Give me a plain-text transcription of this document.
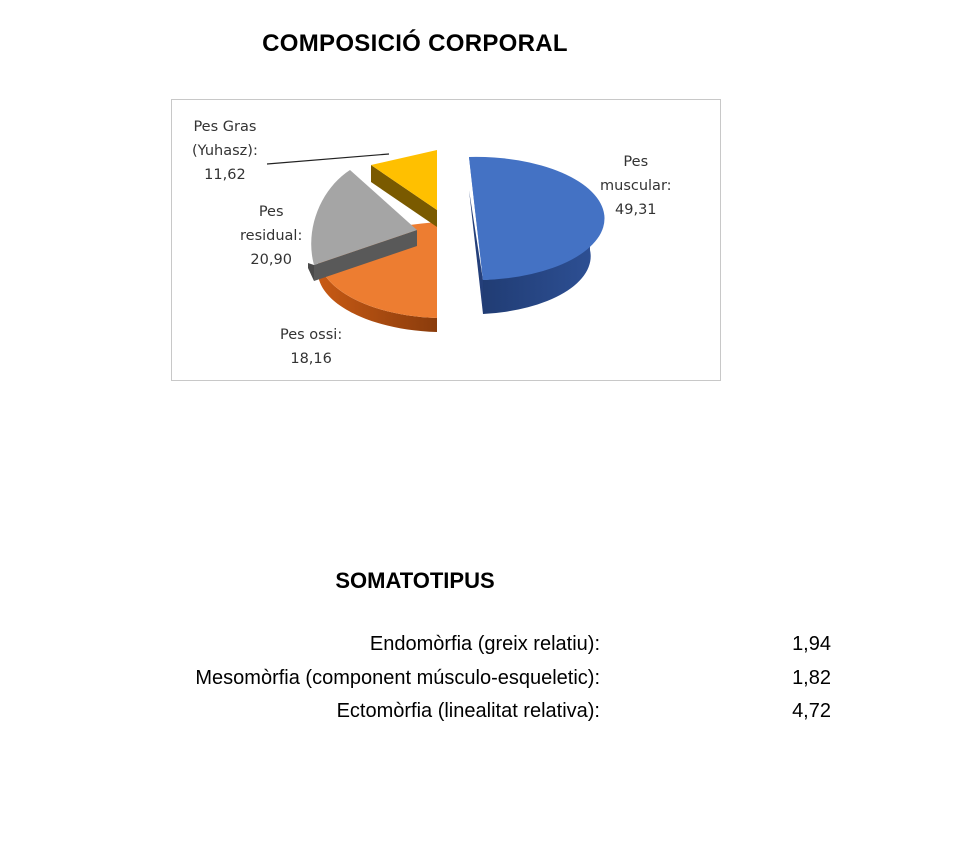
COMPOSICIÓ CORPORAL
Pes Gras
(Yuhasz):
11,62
Pes
residual:
20,90
Pes
muscular:
49,31
Pes ossi:
18,16
SOMATOTIPUS
Endomòrfia (greix relatiu):	1,94
Mesomòrfia (component músculo-esqueletic):	1,82
Ectomòrfia (linealitat relativa):	4,72
